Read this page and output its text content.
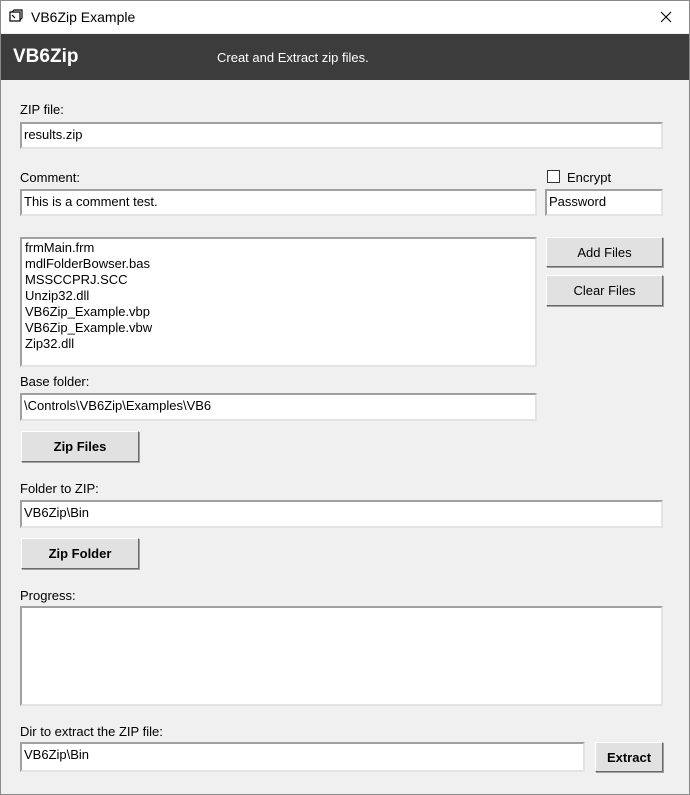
VB6Zip Example
VB6Zip	Creat and Extract zip files.
ZIP file:
results.zip
Comment:
This is a comment test.
Encrypt
Password
frmMain.frm
mdlFolderBowser.bas
MSSCCPRJ.SCC
Unzip32.dll
VB6Zip_Example.vbp
VB6Zip_Example.vbw
Zip32.dll
Add Files
Clear Files
Base folder:
\Controls\VB6Zip\Examples\VB6
Zip Files
Folder to ZIP:
VB6Zip\Bin
Zip Folder
Progress:
Dir to extract the ZIP file:
VB6Zip\Bin	Extract
